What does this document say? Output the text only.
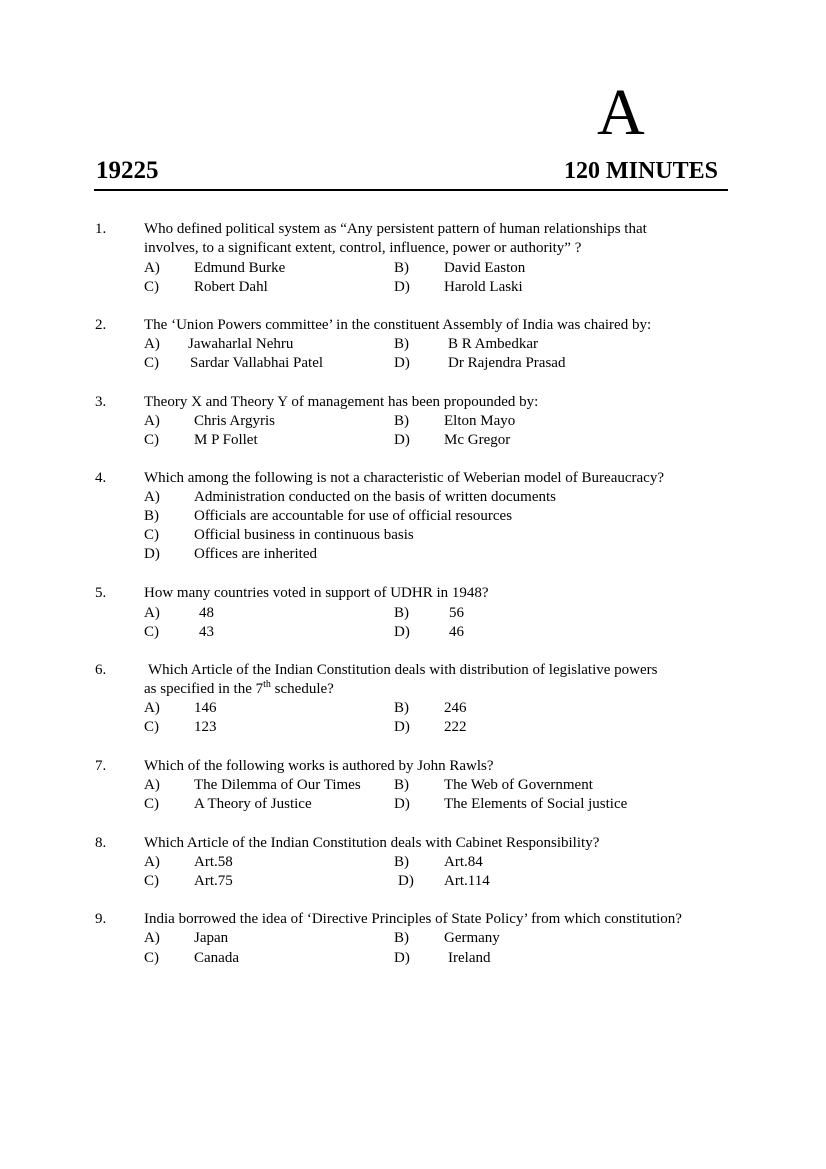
A
19225	120 MINUTES
1.	Who defined political system as “Any persistent pattern of human relationships that
involves, to a significant extent, control, influence, power or authority” ?
A) Edmund Burke	B) David Easton
C) Robert Dahl	D) Harold Laski
2.	The ‘Union Powers committee’ in the constituent Assembly of India was chaired by:
A) Jawaharlal Nehru	B)	B R Ambedkar
C) Sardar Vallabhai Patel	D)	Dr Rajendra Prasad
3.	Theory X and Theory Y of management has been propounded by:
A) Chris Argyris	B) Elton Mayo
C) M P Follet	D) Mc Gregor
4.	Which among the following is not a characteristic of Weberian model of Bureaucracy?
A) Administration conducted on the basis of written documents
B) Officials are accountable for use of official resources
C) Official business in continuous basis
D) Offices are inherited
5.	How many countries voted in support of UDHR in 1948?
A)	48	B)	56
C)	43	D)	46
6.	Which Article of the Indian Constitution deals with distribution of legislative powers
as specified in the 7th schedule?
A) 146	B) 246
C) 123	D) 222
7.	Which of the following works is authored by John Rawls?
A) The Dilemma of Our Times B) The Web of Government
C) A Theory of Justice	D) The Elements of Social justice
8.	Which Article of the Indian Constitution deals with Cabinet Responsibility?
A) Art.58	B) Art.84
C) Art.75	D) Art.114
9.	India borrowed the idea of ‘Directive Principles of State Policy’ from which constitution?
A) Japan	B) Germany
C) Canada	D)	Ireland
